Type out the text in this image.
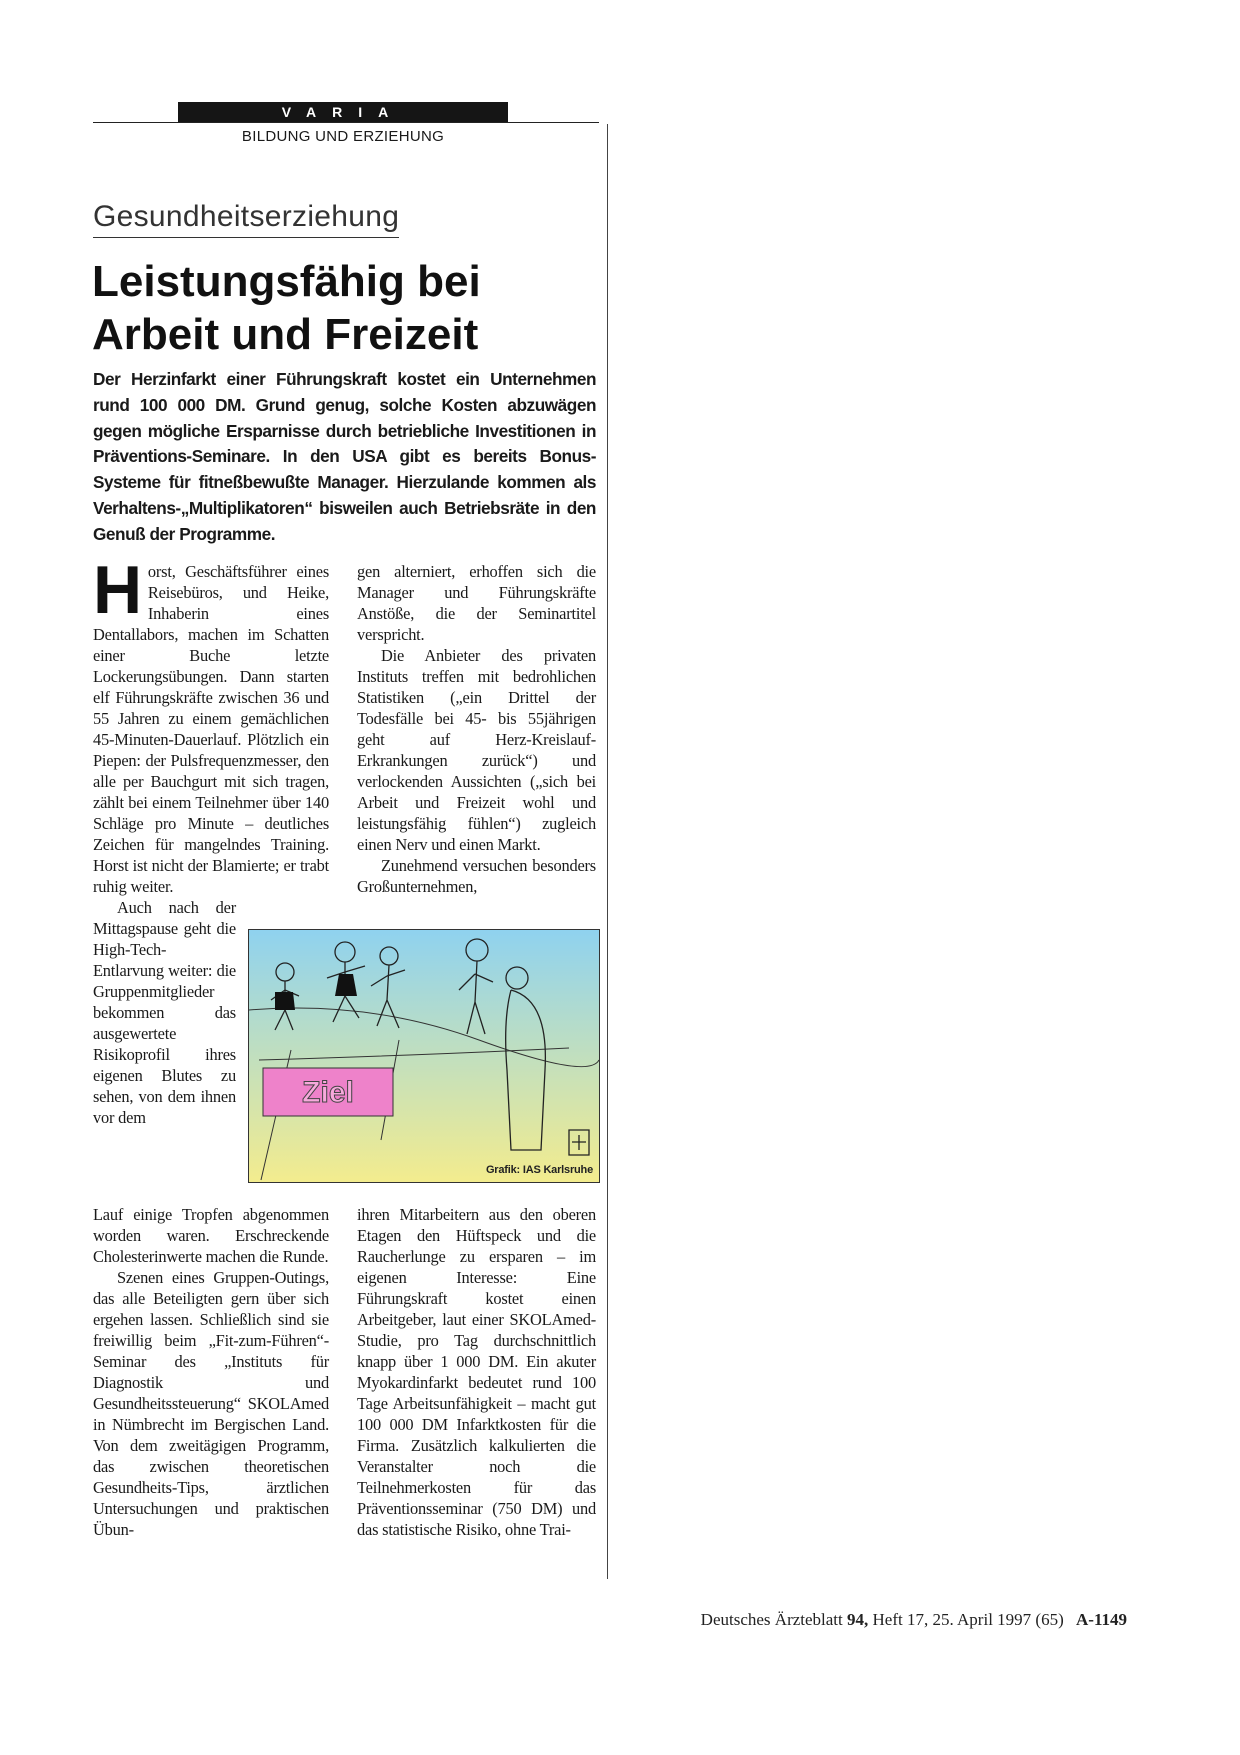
VARIA
BILDUNG UND ERZIEHUNG
Gesundheitserziehung
Leistungsfähig bei
Arbeit und Freizeit
Der Herzinfarkt einer Führungskraft kostet ein Unternehmen rund 100 000 DM. Grund genug, solche Kosten abzuwägen gegen mögliche Ersparnisse durch betriebliche Investitionen in Präventions-Seminare. In den USA gibt es bereits Bonus-Systeme für fitneßbewußte Manager. Hierzulande kommen als Verhaltens-„Multiplikatoren“ bisweilen auch Betriebsräte in den Genuß der Programme.

Horst, Geschäftsführer eines Reisebüros, und Heike, Inhaberin eines Dentallabors, machen im Schatten einer Buche letzte Lockerungsübungen. Dann starten elf Führungskräfte zwischen 36 und 55 Jahren zu einem gemächlichen 45-Minuten-Dauerlauf. Plötzlich ein Piepen: der Pulsfrequenzmesser, den alle per Bauchgurt mit sich tragen, zählt bei einem Teilnehmer über 140 Schläge pro Minute – deutliches Zeichen für mangelndes Training. Horst ist nicht der Blamierte; er trabt ruhig weiter.

Auch nach der Mittagspause geht die High-Tech-Entlarvung weiter: die Gruppenmitglieder bekommen das ausgewertete Risikoprofil ihres eigenen Blutes zu sehen, von dem ihnen vor dem

Lauf einige Tropfen abgenommen worden waren. Erschreckende Cholesterinwerte machen die Runde.

Szenen eines Gruppen-Outings, das alle Beteiligten gern über sich ergehen lassen. Schließlich sind sie freiwillig beim „Fit-zum-Führen“-Seminar des „Instituts für Diagnostik und Gesundheitssteuerung“ SKOLAmed in Nümbrecht im Bergischen Land. Von dem zweitägigen Programm, das zwischen theoretischen Gesundheits-Tips, ärztlichen Untersuchungen und praktischen Übun-

gen alterniert, erhoffen sich die Manager und Führungskräfte Anstöße, die der Seminartitel verspricht.

Die Anbieter des privaten Instituts treffen mit bedrohlichen Statistiken („ein Drittel der Todesfälle bei 45- bis 55jährigen geht auf Herz-Kreislauf-Erkrankungen zurück“) und verlockenden Aussichten („sich bei Arbeit und Freizeit wohl und leistungsfähig fühlen“) zugleich einen Nerv und einen Markt.

Zunehmend versuchen besonders Großunternehmen,

ihren Mitarbeitern aus den oberen Etagen den Hüftspeck und die Raucherlunge zu ersparen – im eigenen Interesse: Eine Führungskraft kostet einen Arbeitgeber, laut einer SKOLAmed-Studie, pro Tag durchschnittlich knapp über 1 000 DM. Ein akuter Myokardinfarkt bedeutet rund 100 Tage Arbeitsunfähigkeit – macht gut 100 000 DM Infarktkosten für die Firma. Zusätzlich kalkulierten die Veranstalter noch die Teilnehmerkosten für das Präventionsseminar (750 DM) und das statistische Risiko, ohne Trai-

Ziel
Grafik: IAS Karlsruhe
Deutsches Ärzteblatt 94, Heft 17, 25. April 1997 (65) A-1149
